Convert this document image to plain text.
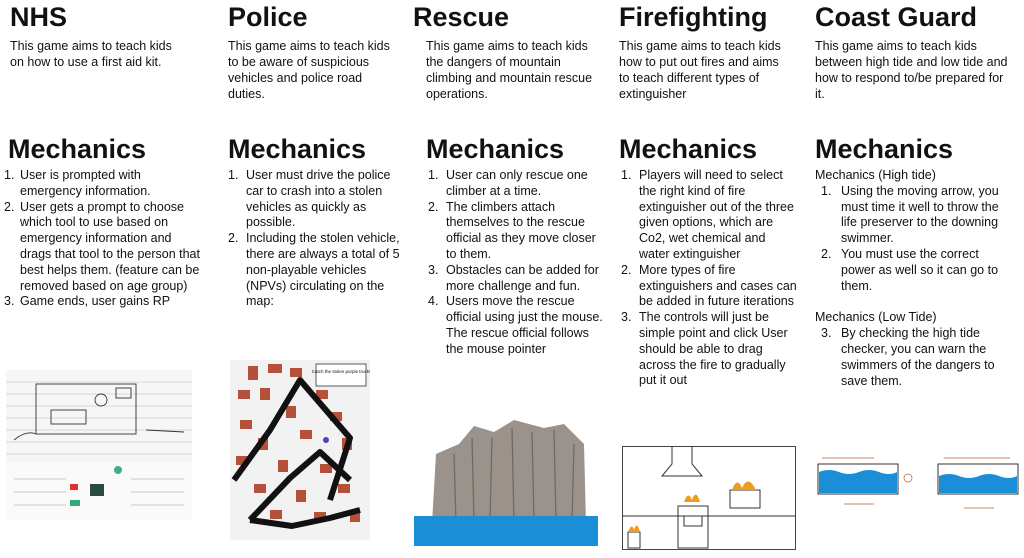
NHS
This game aims to teach kids on how to use a first aid kit.
Mechanics
1. User is prompted with emergency information.
2. User gets a prompt to choose which tool to use based on emergency information and drags that tool to the person that best helps them. (feature can be removed based on age group)
3. Game ends, user gains RP
Police
This game aims to teach kids to be aware of suspicious vehicles and police road duties.
Mechanics
1. User must drive the police car to crash into a stolen vehicles as quickly as possible.
2. Including the stolen vehicle, there are always a total of 5 non-playable vehicles (NPVs) circulating on the map:
Catch the stolen purple truck!
Rescue
This game aims to teach kids the dangers of mountain climbing and mountain rescue operations.
Mechanics
1. User can only rescue one climber at a time.
2. The climbers attach themselves to the rescue official as they move closer to them.
3. Obstacles can be added for more challenge and fun.
4. Users move the rescue official using just the mouse. The rescue official follows the mouse pointer
Firefighting
This game aims to teach kids how to put out fires and aims to teach different types of extinguisher
Mechanics
1. Players will need to select the right kind of fire extinguisher out of the three given options, which are Co2, wet chemical and water extinguisher
2. More types of fire extinguishers and cases can be added in future iterations
3. The controls will just be simple point and click User should be able to drag across the fire to gradually put it out
Coast Guard
This game aims to teach kids between high tide and low tide and how to respond to/be prepared for it.
Mechanics
Mechanics (High tide)
1. Using the moving arrow, you must time it well to throw the life preserver to the downing swimmer.
2. You must use the correct power as well so it can go to them.
Mechanics (Low Tide)
3. By checking the high tide checker, you can warn the swimmers of the dangers to save them.
